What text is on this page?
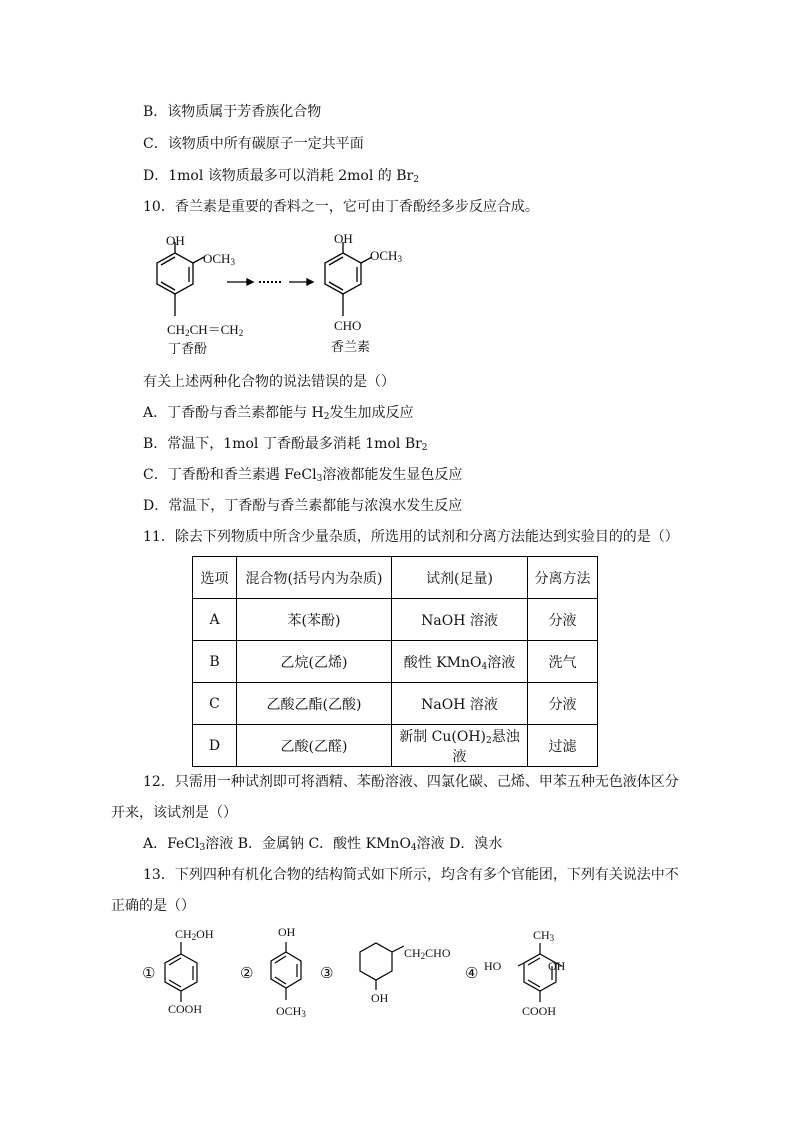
B．该物质属于芳香族化合物
C．该物质中所有碳原子一定共平面
D．1mol 该物质最多可以消耗 2mol 的 $Br_2$
10．香兰素是重要的香料之一，它可由丁香酚经多步反应合成。
OH
$OCH_3$
$CH_2CH=CH_2$
丁香酚
OH
$OCH_3$
CHO
香兰素
有关上述两种化合物的说法错误的是（）
A．丁香酚与香兰素都能与 $H_2$发生加成反应
B．常温下，1mol 丁香酚最多消耗 1mol $Br_2$
C．丁香酚和香兰素遇 FeCl$_3$溶液都能发生显色反应
D．常温下，丁香酚与香兰素都能与浓溴水发生反应
11．除去下列物质中所含少量杂质，所选用的试剂和分离方法能达到实验目的的是（）
选项	混合物(括号内为杂质)	试剂(足量)	分离方法
A	苯(苯酚)	NaOH 溶液	分液
B	乙烷(乙烯)	酸性 KMnO$_4$溶液	洗气
C	乙酸乙酯(乙酸)	NaOH 溶液	分液
D	乙酸(乙醛)	新制 $Cu(OH)_2$悬浊液	过滤
12．只需用一种试剂即可将酒精、苯酚溶液、四氯化碳、己烯、甲苯五种无色液体区分
开来，该试剂是（）
A．FeCl$_3$溶液 B．金属钠 C．酸性 KMnO$_4$溶液 D．溴水
13．下列四种有机化合物的结构简式如下所示，均含有多个官能团，下列有关说法中不
正确的是（）
①	②	③	④
$CH_2OH$
COOH
OH
$OCH_3$
$CH_2CHO$
OH
$CH_3$
HO	OH
COOH
